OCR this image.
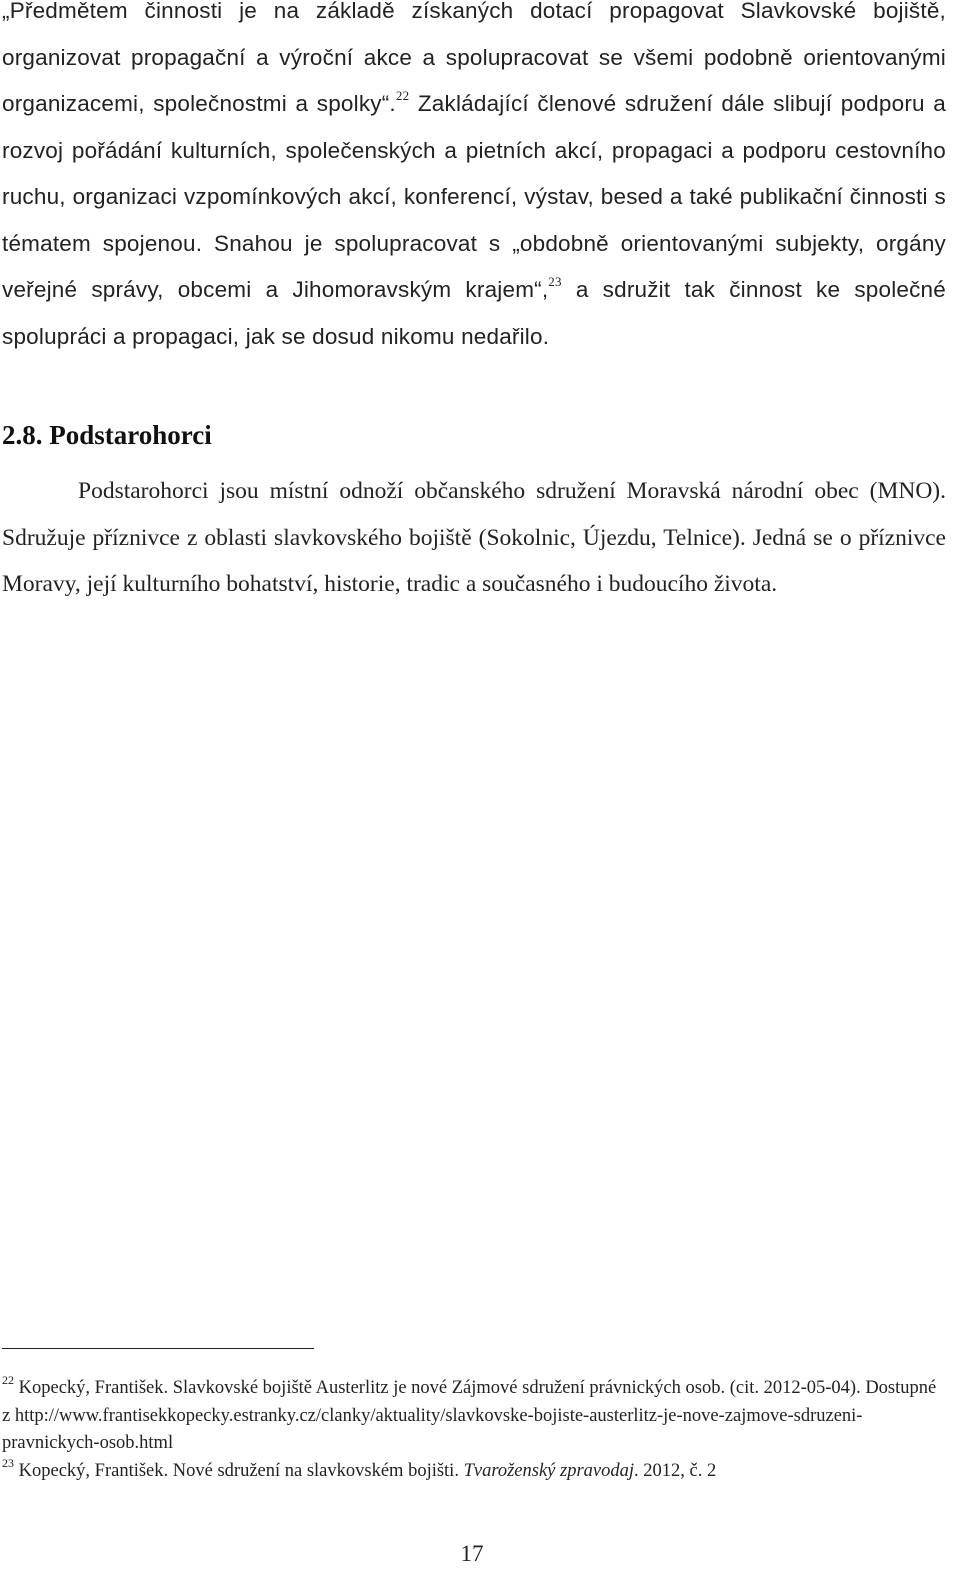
„Předmětem činnosti je na základě získaných dotací propagovat Slavkovské bojiště, organizovat propagační a výroční akce a spolupracovat se všemi podobně orientovanými organizacemi, společnostmi a spolky“.$^{22}$ Zakládající členové sdružení dále slibují podporu a rozvoj pořádání kulturních, společenských a pietních akcí, propagaci a podporu cestovního ruchu, organizaci vzpomínkových akcí, konferencí, výstav, besed a také publikační činnosti s tématem spojenou. Snahou je spolupracovat s „obdobně orientovanými subjekty, orgány veřejné správy, obcemi a Jihomoravským krajem“,$^{23}$ a sdružit tak činnost ke společné spolupráci a propagaci, jak se dosud nikomu nedařilo.
2.8. Podstarohorci
Podstarohorci jsou místní odnoží občanského sdružení Moravská národní obec (MNO). Sdružuje příznivce z oblasti slavkovského bojiště (Sokolnic, Újezdu, Telnice). Jedná se o příznivce Moravy, její kulturního bohatství, historie, tradic a současného i budoucího života.
$^{22}$ Kopecký, František. Slavkovské bojiště Austerlitz je nové Zájmové sdružení právnických osob. (cit. 2012-05-04). Dostupné z http://www.frantisekkopecky.estranky.cz/clanky/aktuality/slavkovske-bojiste-austerlitz-je-nove-zajmove-sdruzeni-pravnickych-osob.html
$^{23}$ Kopecký, František. Nové sdružení na slavkovském bojišti. Tvaroženský zpravodaj. 2012, č. 2
17
